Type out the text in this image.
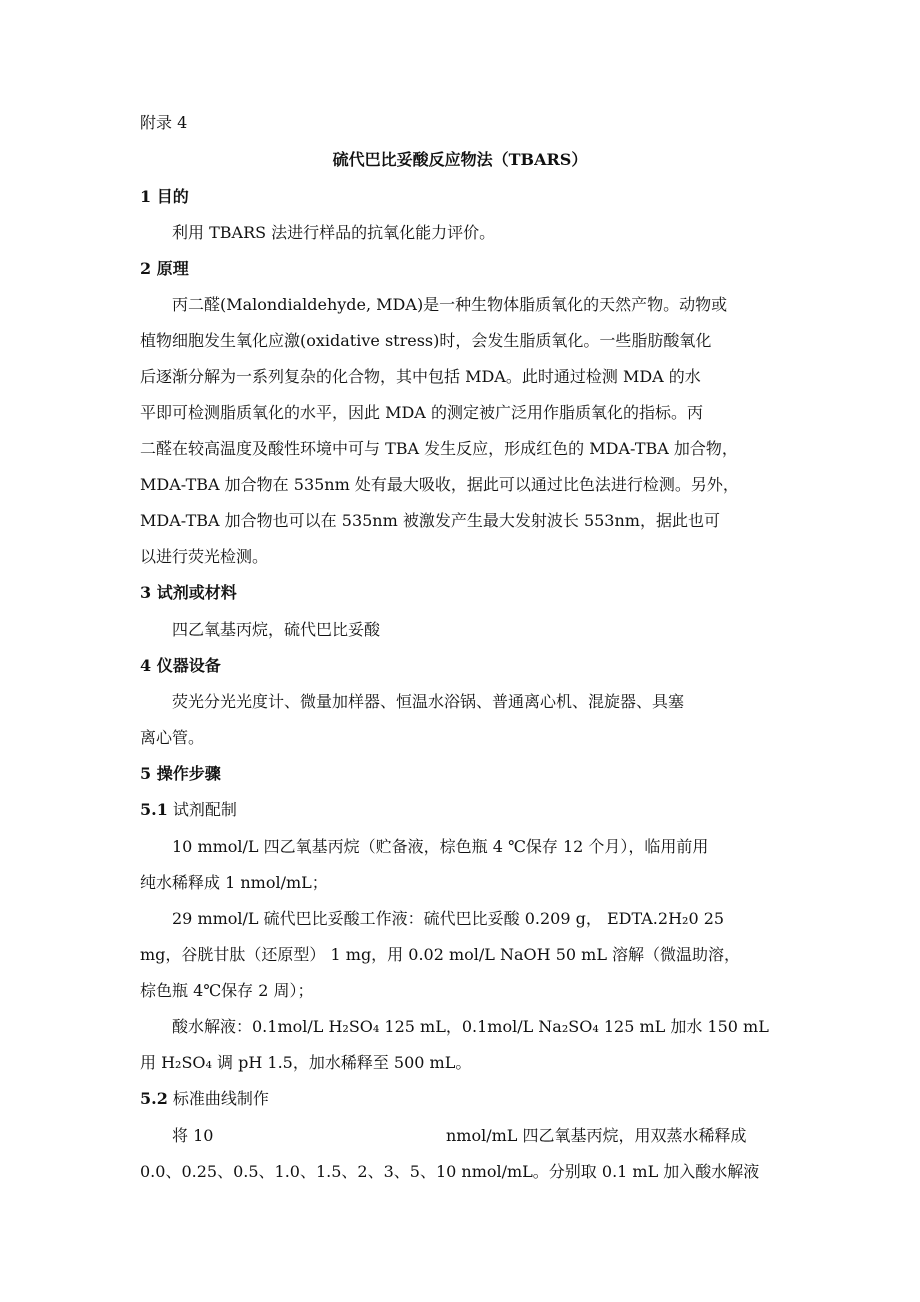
附录 4
硫代巴比妥酸反应物法（TBARS）
1 目的
利用 TBARS 法进行样品的抗氧化能力评价。
2 原理
丙二醛(Malondialdehyde, MDA)是一种生物体脂质氧化的天然产物。动物或
植物细胞发生氧化应激(oxidative stress)时，会发生脂质氧化。一些脂肪酸氧化
后逐渐分解为一系列复杂的化合物，其中包括 MDA。此时通过检测 MDA 的水
平即可检测脂质氧化的水平，因此 MDA 的测定被广泛用作脂质氧化的指标。丙
二醛在较高温度及酸性环境中可与 TBA 发生反应，形成红色的 MDA-TBA 加合物，
MDA-TBA 加合物在 535nm 处有最大吸收，据此可以通过比色法进行检测。另外，
MDA-TBA 加合物也可以在 535nm 被激发产生最大发射波长 553nm，据此也可
以进行荧光检测。
3 试剂或材料
四乙氧基丙烷，硫代巴比妥酸
4 仪器设备
荧光分光光度计、微量加样器、恒温水浴锅、普通离心机、混旋器、具塞
离心管。
5 操作步骤
5.1 试剂配制
10 mmol/L 四乙氧基丙烷（贮备液，棕色瓶 4 ℃保存 12 个月），临用前用
纯水稀释成 1 nmol/mL；
29 mmol/L 硫代巴比妥酸工作液：硫代巴比妥酸 0.209 g， EDTA.2H₂0 25
mg，谷胱甘肽（还原型） 1 mg，用 0.02 mol/L NaOH 50 mL 溶解（微温助溶，
棕色瓶 4℃保存 2 周）；
酸水解液：0.1mol/L H₂SO₄ 125 mL，0.1mol/L Na₂SO₄ 125 mL 加水 150 mL
用 H₂SO₄ 调 pH 1.5，加水稀释至 500 mL。
5.2 标准曲线制作
将 10	nmol/mL 四乙氧基丙烷，用双蒸水稀释成
0.0、0.25、0.5、1.0、1.5、2、3、5、10 nmol/mL。分别取 0.1 mL 加入酸水解液
